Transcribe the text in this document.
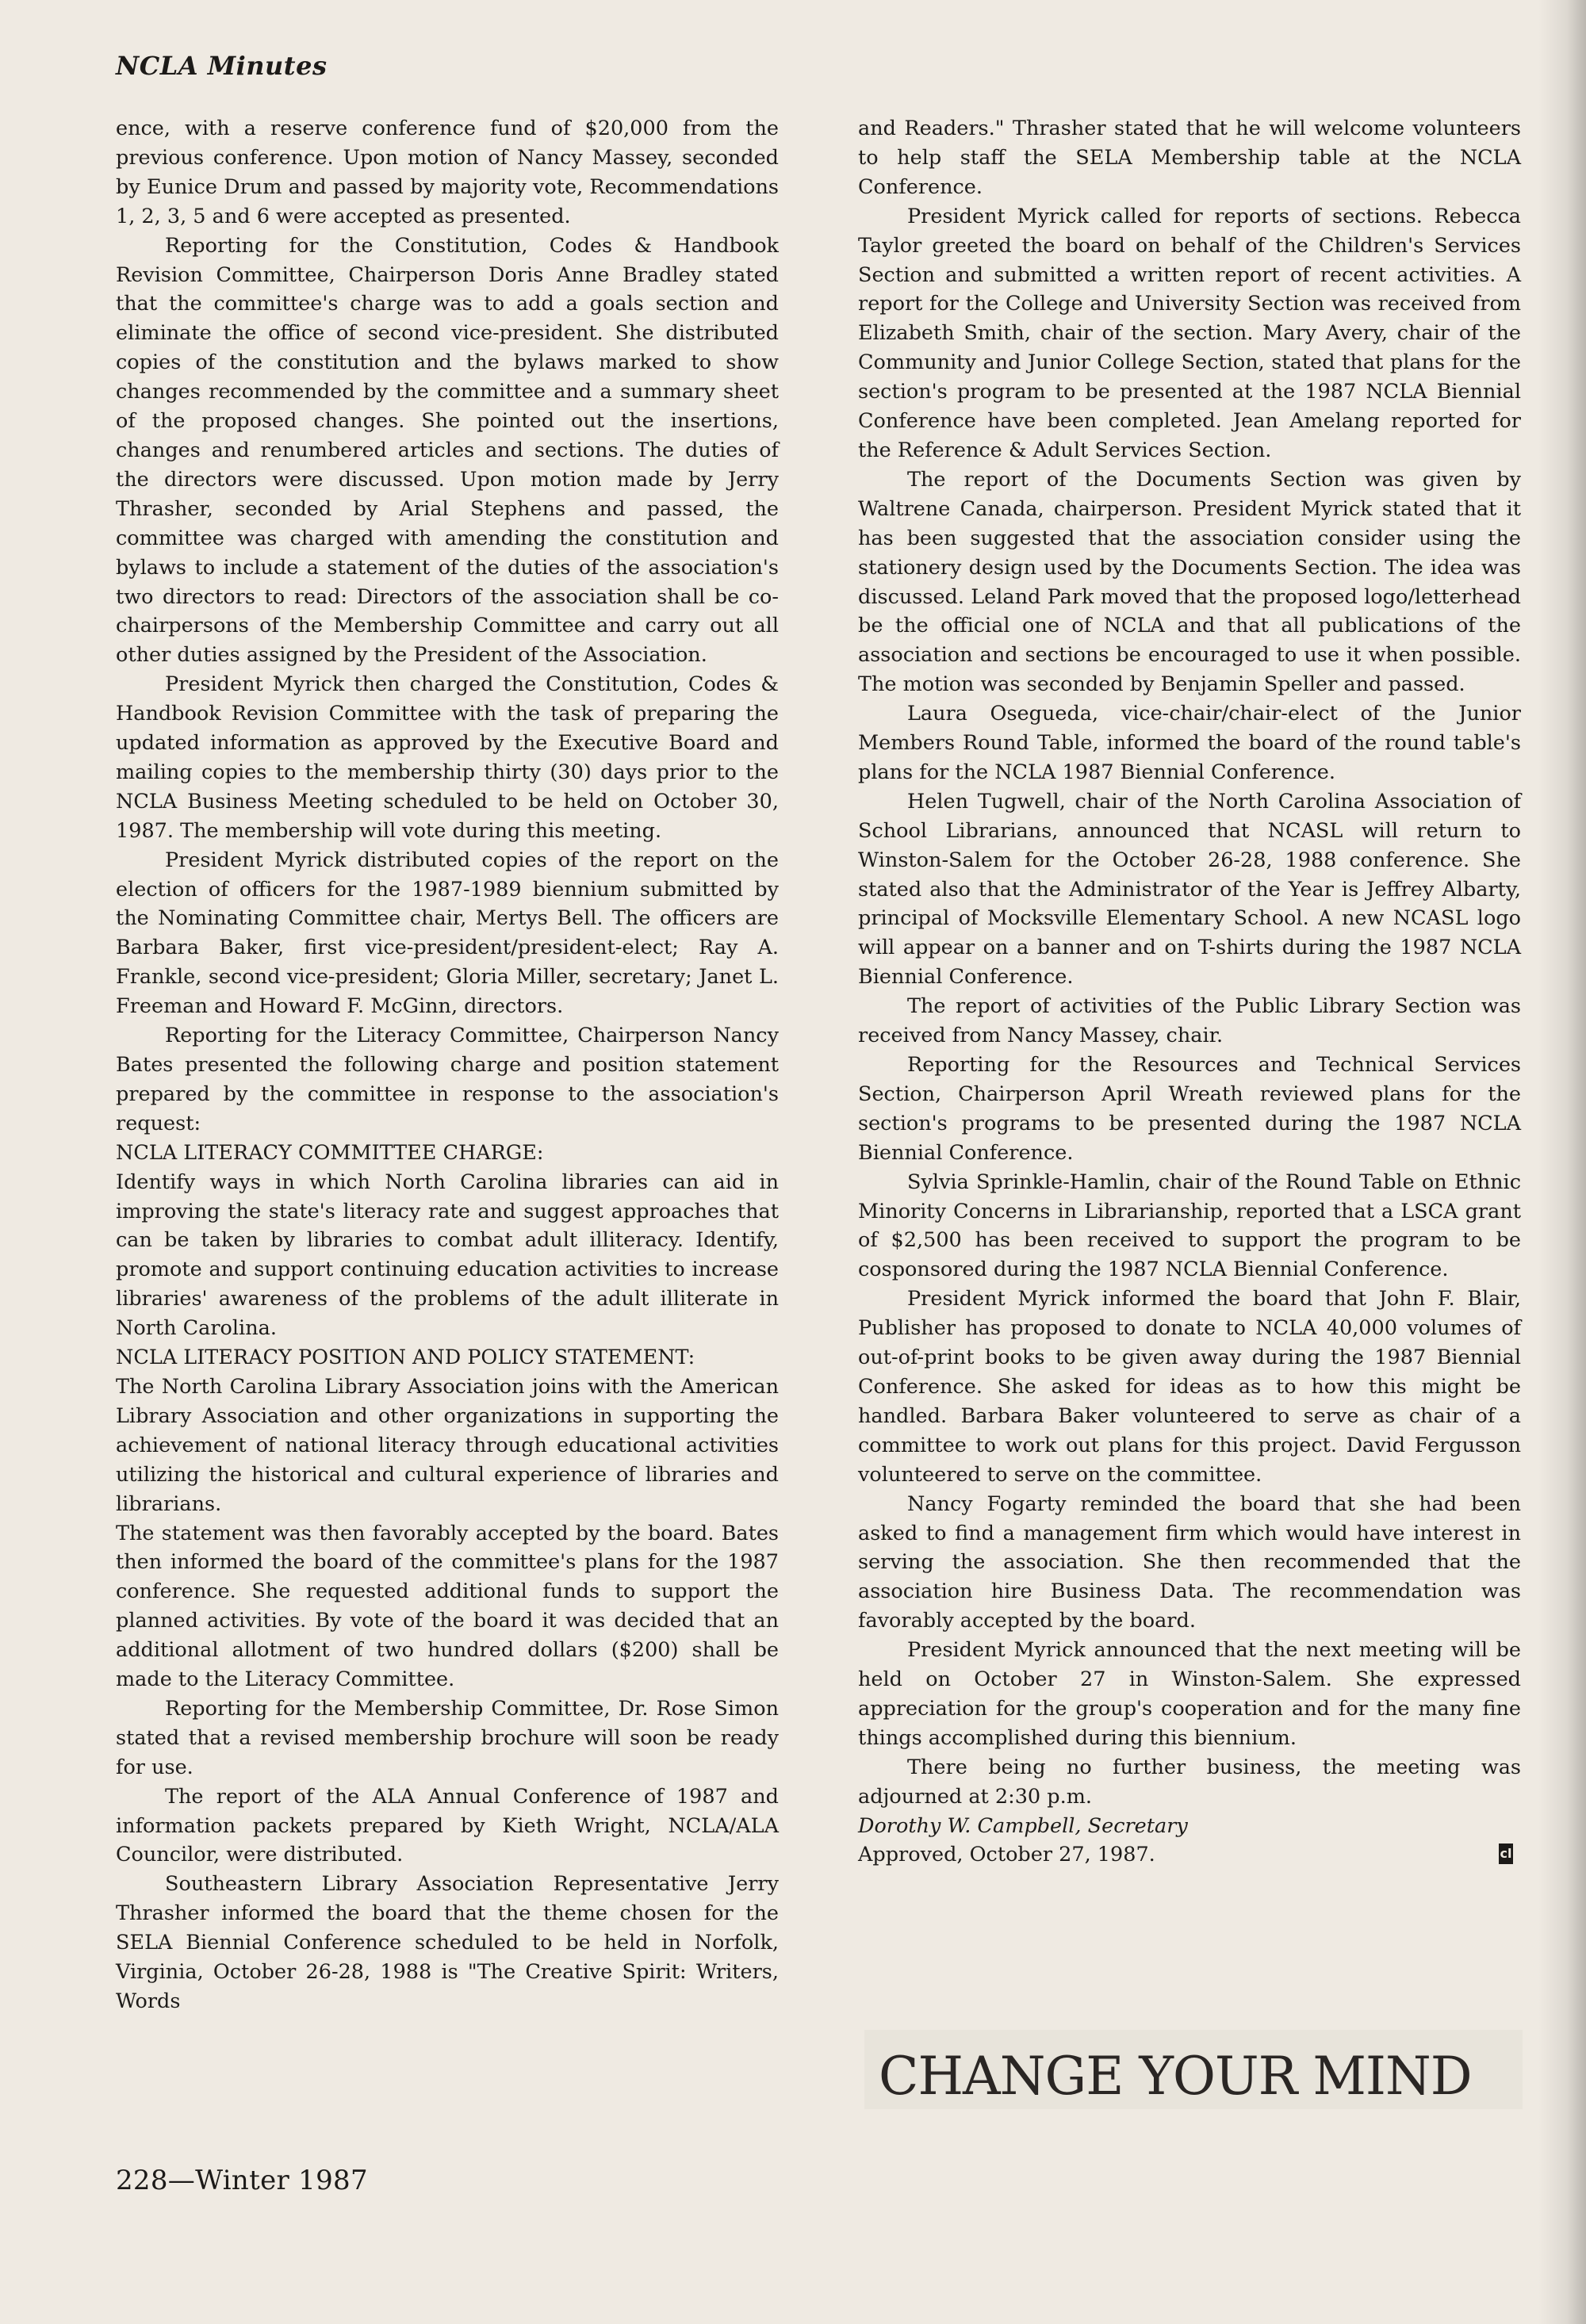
NCLA Minutes

ence, with a reserve conference fund of $20,000 from the previous conference. Upon motion of Nancy Massey, seconded by Eunice Drum and passed by majority vote, Recommendations 1, 2, 3, 5 and 6 were accepted as presented.

Reporting for the Constitution, Codes & Handbook Revision Committee, Chairperson Doris Anne Bradley stated that the committee's charge was to add a goals section and eliminate the office of second vice-president. She distributed copies of the constitution and the bylaws marked to show changes recommended by the committee and a summary sheet of the proposed changes. She pointed out the insertions, changes and renumbered articles and sections. The duties of the directors were discussed. Upon motion made by Jerry Thrasher, seconded by Arial Stephens and passed, the committee was charged with amending the constitution and bylaws to include a statement of the duties of the association's two directors to read: Directors of the association shall be co-chairpersons of the Membership Committee and carry out all other duties assigned by the President of the Association.

President Myrick then charged the Constitution, Codes & Handbook Revision Committee with the task of preparing the updated information as approved by the Executive Board and mailing copies to the membership thirty (30) days prior to the NCLA Business Meeting scheduled to be held on October 30, 1987. The membership will vote during this meeting.

President Myrick distributed copies of the report on the election of officers for the 1987-1989 biennium submitted by the Nominating Committee chair, Mertys Bell. The officers are Barbara Baker, first vice-president/president-elect; Ray A. Frankle, second vice-president; Gloria Miller, secretary; Janet L. Freeman and Howard F. McGinn, directors.

Reporting for the Literacy Committee, Chairperson Nancy Bates presented the following charge and position statement prepared by the committee in response to the association's request:

NCLA LITERACY COMMITTEE CHARGE:

Identify ways in which North Carolina libraries can aid in improving the state's literacy rate and suggest approaches that can be taken by libraries to combat adult illiteracy. Identify, promote and support continuing education activities to increase libraries' awareness of the problems of the adult illiterate in North Carolina.

NCLA LITERACY POSITION AND POLICY STATEMENT:

The North Carolina Library Association joins with the American Library Association and other organizations in supporting the achievement of national literacy through educational activities utilizing the historical and cultural experience of libraries and librarians.

The statement was then favorably accepted by the board. Bates then informed the board of the committee's plans for the 1987 conference. She requested additional funds to support the planned activities. By vote of the board it was decided that an additional allotment of two hundred dollars ($200) shall be made to the Literacy Committee.

Reporting for the Membership Committee, Dr. Rose Simon stated that a revised membership brochure will soon be ready for use.

The report of the ALA Annual Conference of 1987 and information packets prepared by Kieth Wright, NCLA/ALA Councilor, were distributed.

Southeastern Library Association Representative Jerry Thrasher informed the board that the theme chosen for the SELA Biennial Conference scheduled to be held in Norfolk, Virginia, October 26-28, 1988 is "The Creative Spirit: Writers, Words

and Readers." Thrasher stated that he will welcome volunteers to help staff the SELA Membership table at the NCLA Conference.

President Myrick called for reports of sections. Rebecca Taylor greeted the board on behalf of the Children's Services Section and submitted a written report of recent activities. A report for the College and University Section was received from Elizabeth Smith, chair of the section. Mary Avery, chair of the Community and Junior College Section, stated that plans for the section's program to be presented at the 1987 NCLA Biennial Conference have been completed. Jean Amelang reported for the Reference & Adult Services Section.

The report of the Documents Section was given by Waltrene Canada, chairperson. President Myrick stated that it has been suggested that the association consider using the stationery design used by the Documents Section. The idea was discussed. Leland Park moved that the proposed logo/letterhead be the official one of NCLA and that all publications of the association and sections be encouraged to use it when possible. The motion was seconded by Benjamin Speller and passed.

Laura Osegueda, vice-chair/chair-elect of the Junior Members Round Table, informed the board of the round table's plans for the NCLA 1987 Biennial Conference.

Helen Tugwell, chair of the North Carolina Association of School Librarians, announced that NCASL will return to Winston-Salem for the October 26-28, 1988 conference. She stated also that the Administrator of the Year is Jeffrey Albarty, principal of Mocksville Elementary School. A new NCASL logo will appear on a banner and on T-shirts during the 1987 NCLA Biennial Conference.

The report of activities of the Public Library Section was received from Nancy Massey, chair.

Reporting for the Resources and Technical Services Section, Chairperson April Wreath reviewed plans for the section's programs to be presented during the 1987 NCLA Biennial Conference.

Sylvia Sprinkle-Hamlin, chair of the Round Table on Ethnic Minority Concerns in Librarianship, reported that a LSCA grant of $2,500 has been received to support the program to be cosponsored during the 1987 NCLA Biennial Conference.

President Myrick informed the board that John F. Blair, Publisher has proposed to donate to NCLA 40,000 volumes of out-of-print books to be given away during the 1987 Biennial Conference. She asked for ideas as to how this might be handled. Barbara Baker volunteered to serve as chair of a committee to work out plans for this project. David Fergusson volunteered to serve on the committee.

Nancy Fogarty reminded the board that she had been asked to find a management firm which would have interest in serving the association. She then recommended that the association hire Business Data. The recommendation was favorably accepted by the board.

President Myrick announced that the next meeting will be held on October 27 in Winston-Salem. She expressed appreciation for the group's cooperation and for the many fine things accomplished during this biennium.

There being no further business, the meeting was adjourned at 2:30 p.m.

Dorothy W. Campbell, Secretary

Approved, October 27, 1987.	cl

CHANGE YOUR MIND
228—Winter 1987
